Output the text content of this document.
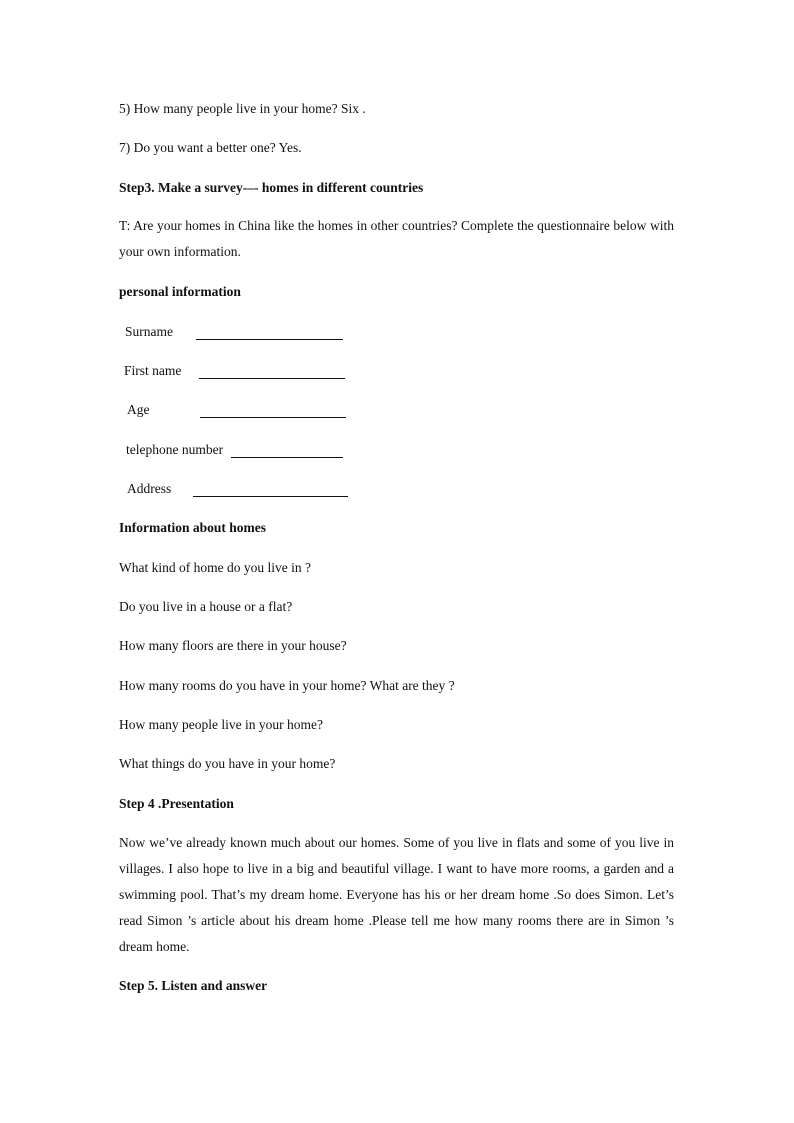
5) How many people live in your home? Six .
7) Do you want a better one? Yes.
Step3. Make a survey-–- homes in different countries
T: Are your homes in China like the homes in other countries? Complete the questionnaire below with your own information.
personal information
Surname
First name
Age
telephone number
Address
Information about homes
What kind of home do you live in ?
Do you live in a house or a flat?
How many floors are there in your house?
How many rooms do you have in your home? What are they ?
How many people live in your home?
What things do you have in your home?
Step 4 .Presentation
Now we’ve already known much about our homes. Some of you live in flats and some of you live in villages. I also hope to live in a big and beautiful village. I want to have more rooms, a garden and a swimming pool. That’s my dream home. Everyone has his or her dream home .So does Simon. Let’s read Simon ’s article about his dream home .Please tell me how many rooms there are in Simon ’s dream home.
Step 5. Listen and answer
